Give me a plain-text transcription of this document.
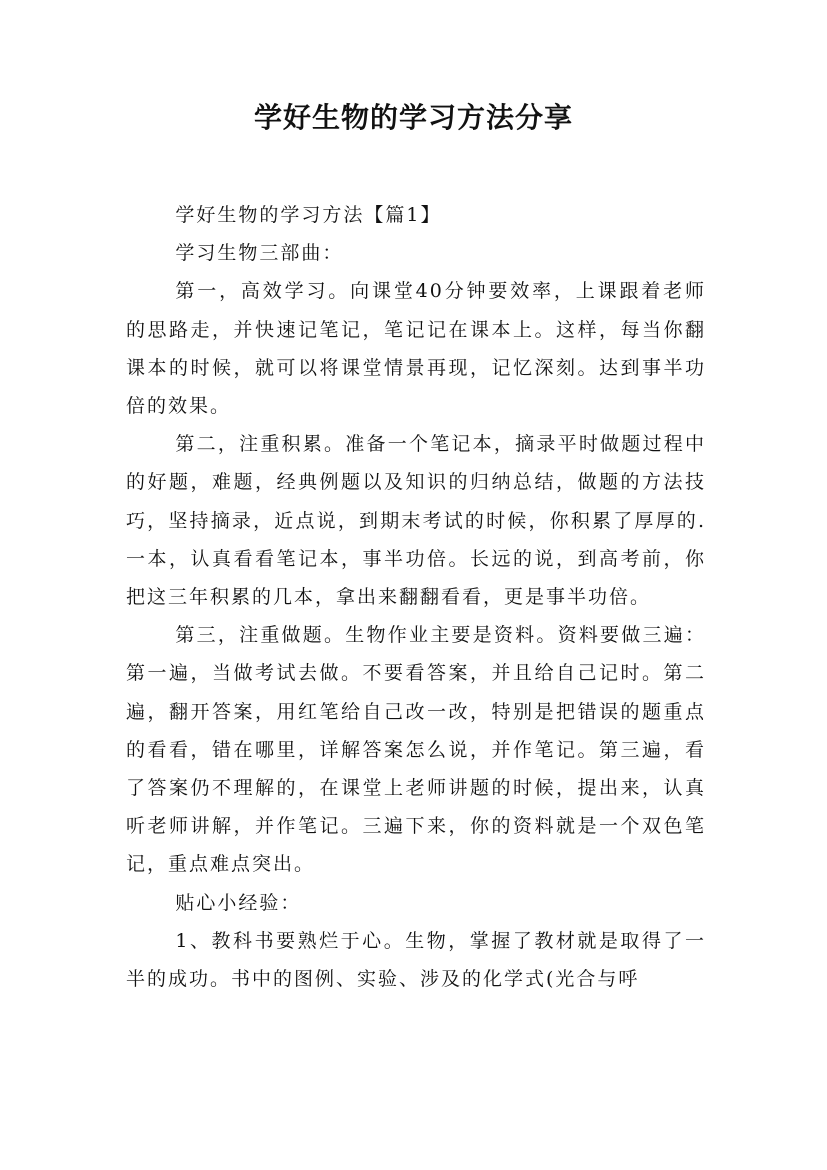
学好生物的学习方法分享

学好生物的学习方法【篇1】

学习生物三部曲：

第一，高效学习。向课堂40分钟要效率，上课跟着老师的思路走，并快速记笔记，笔记记在课本上。这样，每当你翻课本的时候，就可以将课堂情景再现，记忆深刻。达到事半功倍的效果。

第二，注重积累。准备一个笔记本，摘录平时做题过程中的好题，难题，经典例题以及知识的归纳总结，做题的方法技巧，坚持摘录，近点说，到期末考试的时候，你积累了厚厚的.一本，认真看看笔记本，事半功倍。长远的说，到高考前，你把这三年积累的几本，拿出来翻翻看看，更是事半功倍。

第三，注重做题。生物作业主要是资料。资料要做三遍：第一遍，当做考试去做。不要看答案，并且给自己记时。第二遍，翻开答案，用红笔给自己改一改，特别是把错误的题重点的看看，错在哪里，详解答案怎么说，并作笔记。第三遍，看了答案仍不理解的，在课堂上老师讲题的时候，提出来，认真听老师讲解，并作笔记。三遍下来，你的资料就是一个双色笔记，重点难点突出。

贴心小经验：

1、教科书要熟烂于心。生物，掌握了教材就是取得了一半的成功。书中的图例、实验、涉及的化学式(光合与呼
